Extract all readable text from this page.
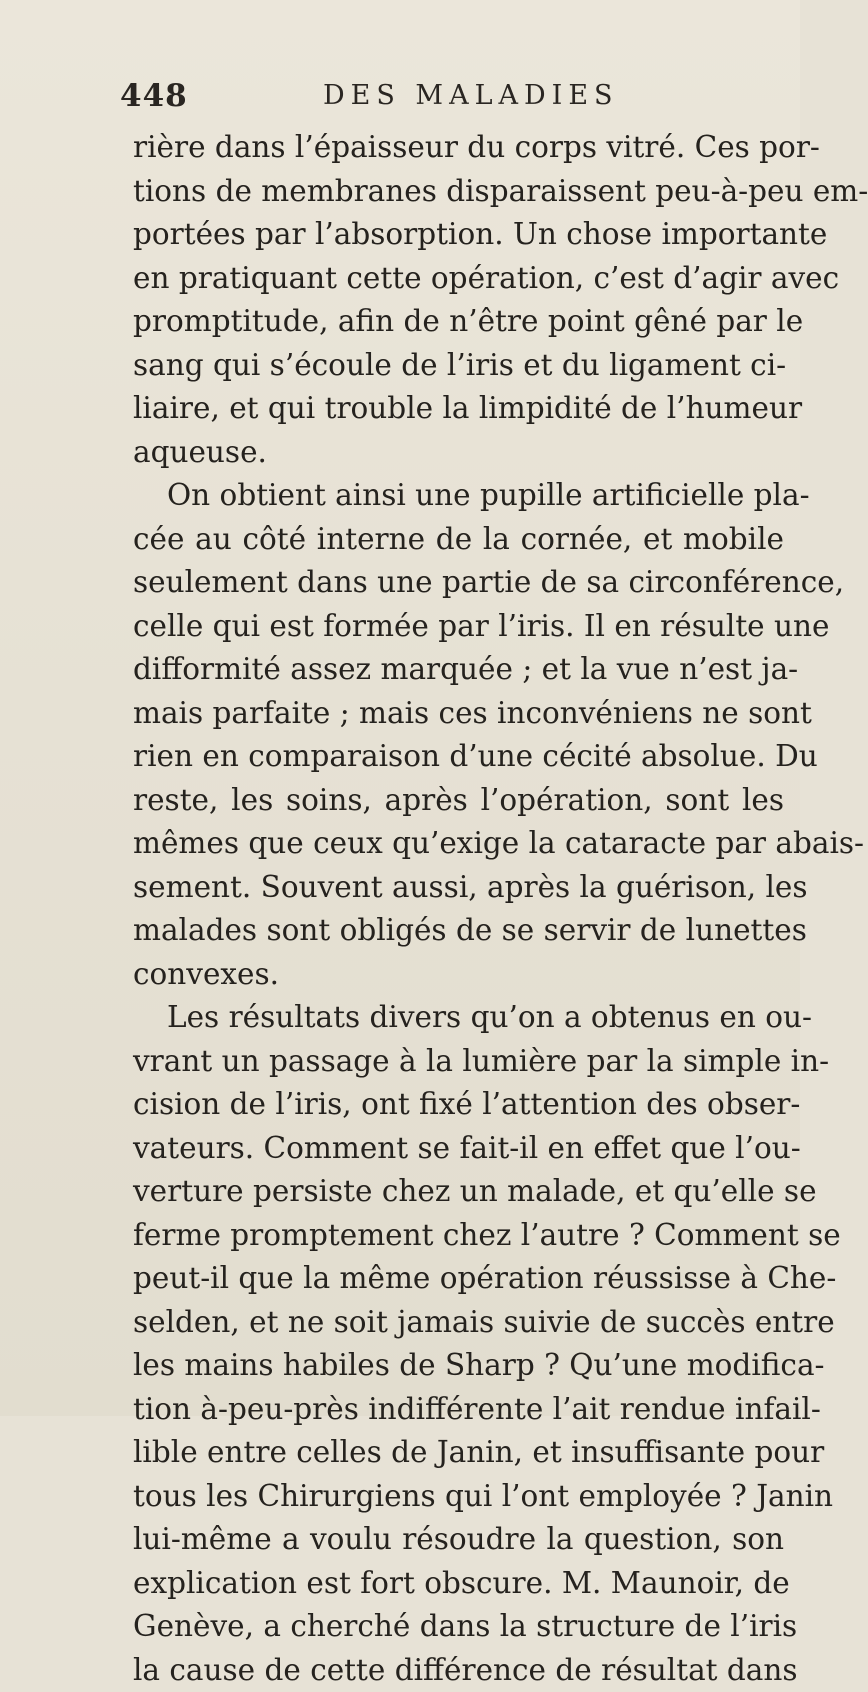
448	DES MALADIES
rière dans l’épaisseur du corps vitré. Ces por-
tions de membranes disparaissent peu-à-peu em-
portées par l’absorption. Un chose importante
en pratiquant cette opération, c’est d’agir avec
promptitude, afin de n’être point gêné par le
sang qui s’écoule de l’iris et du ligament ci-
liaire, et qui trouble la limpidité de l’humeur
aqueuse.
On obtient ainsi une pupille artificielle pla-
cée au côté interne de la cornée, et mobile
seulement dans une partie de sa circonférence,
celle qui est formée par l’iris. Il en résulte une
difformité assez marquée ; et la vue n’est ja-
mais parfaite ; mais ces inconvéniens ne sont
rien en comparaison d’une cécité absolue. Du
reste, les soins, après l’opération, sont les
mêmes que ceux qu’exige la cataracte par abais-
sement. Souvent aussi, après la guérison, les
malades sont obligés de se servir de lunettes
convexes.
Les résultats divers qu’on a obtenus en ou-
vrant un passage à la lumière par la simple in-
cision de l’iris, ont fixé l’attention des obser-
vateurs. Comment se fait-il en effet que l’ou-
verture persiste chez un malade, et qu’elle se
ferme promptement chez l’autre ? Comment se
peut-il que la même opération réussisse à Che-
selden, et ne soit jamais suivie de succès entre
les mains habiles de Sharp ? Qu’une modifica-
tion à-peu-près indifférente l’ait rendue infail-
lible entre celles de Janin, et insuffisante pour
tous les Chirurgiens qui l’ont employée ? Janin
lui-même a voulu résoudre la question, son
explication est fort obscure. M. Maunoir, de
Genève, a cherché dans la structure de l’iris
la cause de cette différence de résultat dans
